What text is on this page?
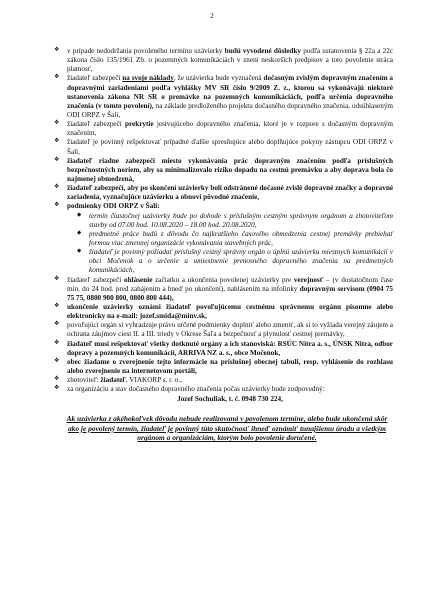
2
❖ v prípade nedodržania povoleného termínu uzávierky budú vyvodené dôsledky podľa ustanovenia § 22a a 22c zákona číslo 135/1961 Zb. o pozemných komunikáciách v znení neskorších predpisov a toto povolenie stráca platnosť,
❖ žiadateľ zabezpečí na svoje náklady, že uzávierka bude vyznačená dočasným zvislým dopravným značením a dopravnými zariadeniami podľa vyhlášky MV SR číslo 9/2009 Z. z., ktorou sa vykonávajú niektoré ustanovenia zákona NR SR o premávke na pozemných komunikáciách, podľa určenia dopravného značenia (v tomto povolení), na základe predloženého projektu dočasného dopravného značenia, odsúhlaseným ODI ORPZ v Šali,
❖ žiadateľ zabezpečí prekrytie jestvujúceho dopravného značenia, ktoré je v rozpore s dočasným dopravným značením,
❖ žiadateľ je povinný rešpektovať prípadné ďalšie spresňujúce alebo doplňujúce pokyny zástupcu ODI ORPZ v Šali,
❖ žiadateľ riadne zabezpečí miesto vykonávania prác dopravným značením podľa príslušných bezpečnostných noriem, aby sa minimalizovalo riziko dopadu na cestnú premávku a aby doprava bola čo najmenej obmedzená,
❖ žiadateľ zabezpečí, aby po skončení uzávierky boli odstránené dočasné zvislé dopravné značky a dopravné zariadenia, vyznačujúce uzávierku a obnoví pôvodné značenie,
❖ podmienky ODI ORPZ v Šali:
◆ termín čiastočnej uzávierky bude po dohode s príslušným cestným správnym orgánom a zhotoviteľom stavby od 07.00 hod. 10.08.2020 – 18.00 hod. 20.08.2020,
◆ predmetné práce budú z dôvodu čo najkratšieho časového obmedzenia cestnej premávky prebiehať formou viac zmennej organizácie vykonávania stavebných prác,
◆ žiadateľ je povinný požiadať príslušný cestný správny orgán o úplnú uzávierku miestnych komunikácií v obci Močenok a o určenie a umiestnenie prenosného dopravného značenia na predmetných komunikáciách,
❖ žiadateľ zabezpečí ohlásenie začiatku a ukončenia povolenej uzávierky pre verejnosť – (v dostatočnom čase min. do 24 hod. pred zahájením a hneď po ukončení), nahlásením na infolinky dopravným servisom (0904 75 75 75, 0800 900 800, 0800 800 444),
❖ ukončenie uzávierky oznámi žiadateľ povoľujúcemu cestnému správnemu orgánu písomne alebo elektronicky na e-mail: jozef.smida@minv.sk,
❖ povoľujúci orgán si vyhradzuje právo určené podmienky doplniť alebo zmeniť, ak si to vyžiada verejný záujem a ochrana záujmov ciest II. a III. triedy v Okrese Šaľa a bezpečnosť a plynulosť cestnej premávky,
❖ žiadateľ musí rešpektovať všetky dotknuté orgány a ich stanoviská: RSÚC Nitra a. s., ÚNSK Nitra, odbor dopravy a pozemných komunikácií, ARRIVA NZ a. s., obce Močenok,
❖ obec žiadame o zverejnenie tejto informácie na príslušnej obecnej tabuli, resp. vyhlásenie do rozhlasu alebo zverejnenie na internetovom portáli,
❖ zhotoviteľ: žiadateľ, VIAKORP s. r. o.,
❖ za organizáciu a stav dočasného dopravného značenia počas uzávierky bude zodpovedný:
Jozef Sochuliak, t. č. 0948 730 224,
Ak uzávierka z akéhokoľvek dôvodu nebude realizovaná v povolenom termíne, alebo bude ukončená skôr ako je povolený termín, žiadateľ je povinný túto skutočnosť ihneď oznámiť tunajšiemu úradu a všetkým orgánom a organizáciám, ktorým bolo povolenie doručené.
